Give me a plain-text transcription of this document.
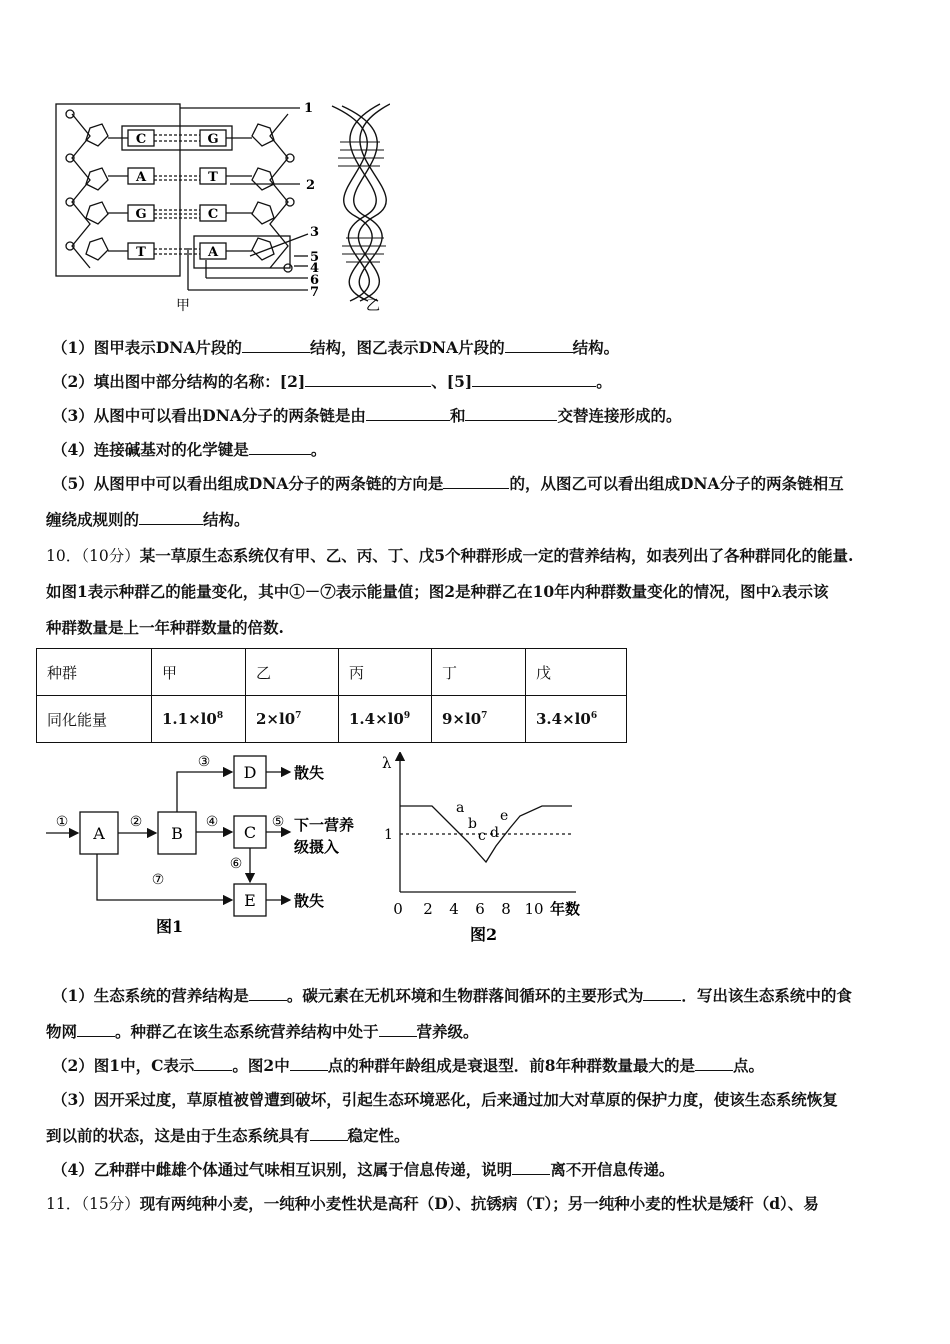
C
A
G
T
G
T
C
A
1
2
3
5
4
6
7
甲	乙
（1）图甲表示DNA片段的	结构，图乙表示DNA片段的	结构。
（2）填出图中部分结构的名称：[2]	、[5]	。
（3）从图中可以看出DNA分子的两条链是由	和	交替连接形成的。
（4）连接碱基对的化学键是	。
（5）从图甲中可以看出组成DNA分子的两条链的方向是	的，从图乙可以看出组成DNA分子的两条链相互
缠绕成规则的	结构。
10．（10分）某一草原生态系统仅有甲、乙、丙、丁、戊5个种群形成一定的营养结构，如表列出了各种群同化的能量.
如图1表示种群乙的能量变化，其中①－⑦表示能量值；图2是种群乙在10年内种群数量变化的情况，图中λ表示该
种群数量是上一年种群数量的倍数.
种群	甲	乙	丙	丁	戊
同化能量	$1.1\times l0^8$	$2\times l0^7$	$1.4\times l0^9$	$9\times l0^7$	$3.4\times l0^6$
A	B	C
D
E
①	②
③
④	⑤
⑥
⑦
散失
下一营养
级摄入
散失
图1
λ
1
0 2 4 6 8 10 年数
a
b
c d
e
图2
（1）生态系统的营养结构是 。碳元素在无机环境和生物群落间循环的主要形式为 ．写出该生态系统中的食
物网 。种群乙在该生态系统营养结构中处于 营养级。
（2）图1中，C表示 。图2中 点的种群年龄组成是衰退型．前8年种群数量最大的是 点。
（3）因开采过度，草原植被曾遭到破坏，引起生态环境恶化，后来通过加大对草原的保护力度，使该生态系统恢复
到以前的状态，这是由于生态系统具有 稳定性。
（4）乙种群中雌雄个体通过气味相互识别，这属于信息传递，说明 离不开信息传递。
11．（15分）现有两纯种小麦，一纯种小麦性状是高秆（D）、抗锈病（T）；另一纯种小麦的性状是矮秆（d）、易
